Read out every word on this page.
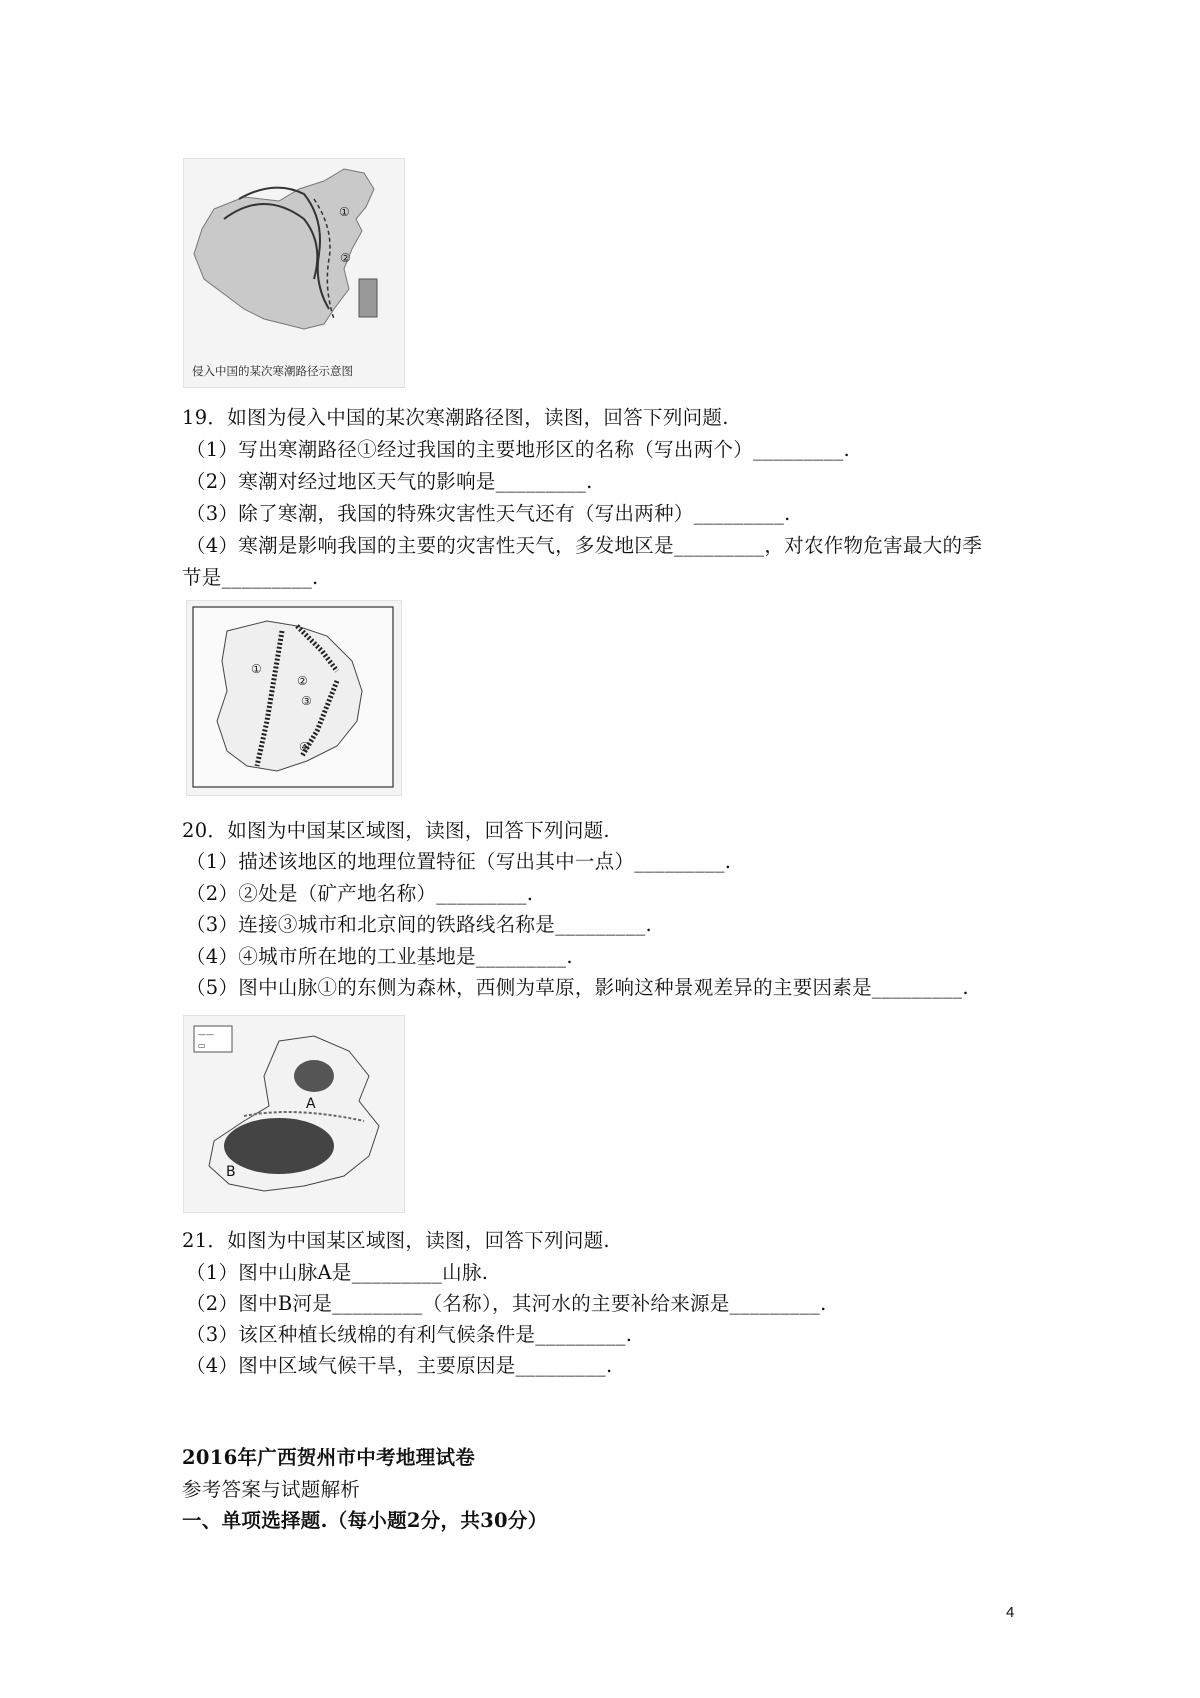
①
②
侵入中国的某次寒潮路径示意图
19．如图为侵入中国的某次寒潮路径图，读图，回答下列问题.
（1）写出寒潮路径①经过我国的主要地形区的名称（写出两个）_________.
（2）寒潮对经过地区天气的影响是_________.
（3）除了寒潮，我国的特殊灾害性天气还有（写出两种）_________.
（4）寒潮是影响我国的主要的灾害性天气，多发地区是_________，对农作物危害最大的季
节是_________.
①
②
③
④
20．如图为中国某区域图，读图，回答下列问题.
（1）描述该地区的地理位置特征（写出其中一点）_________.
（2）②处是（矿产地名称）_________.
（3）连接③城市和北京间的铁路线名称是_________.
（4）④城市所在地的工业基地是_________.
（5）图中山脉①的东侧为森林，西侧为草原，影响这种景观差异的主要因素是_________.
——
▭
A
B
21．如图为中国某区域图，读图，回答下列问题.
（1）图中山脉A是_________山脉.
（2）图中B河是_________（名称），其河水的主要补给来源是_________.
（3）该区种植长绒棉的有利气候条件是_________.
（4）图中区域气候干旱，主要原因是_________.
2016年广西贺州市中考地理试卷
参考答案与试题解析
一、单项选择题.（每小题2分，共30分）
4
